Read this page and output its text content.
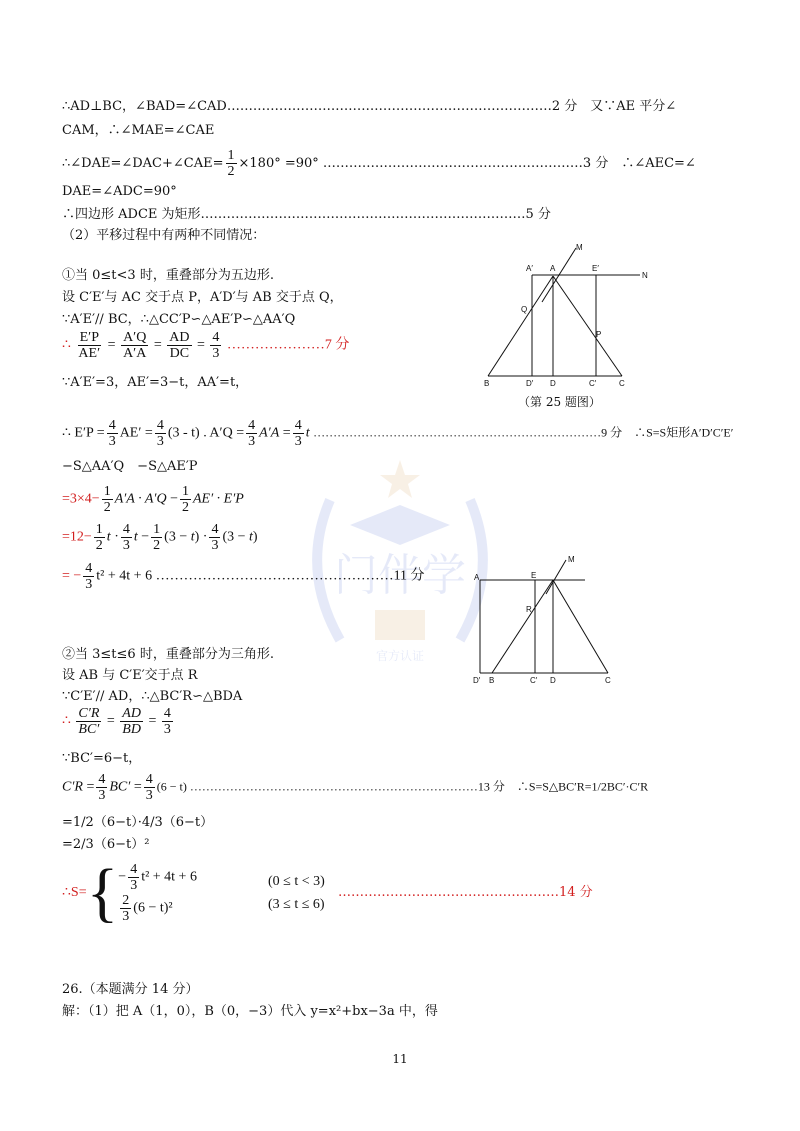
门伴学
官方认证
∴AD⊥BC，∠BAD=∠CAD…………………………………………………………………2 分　又∵AE 平分∠
CAM，∴∠MAE=∠CAE
∴∠DAE=∠DAC+∠CAE= $\frac{1}{2} \times 180^\circ =90^\circ$ ……………………………………………………3 分　∴∠AEC=∠
DAE=∠ADC=90°
∴四边形 ADCE 为矩形…………………………………………………………………5 分
（2）平移过程中有两种不同情况：
①当 0≤t<3 时，重叠部分为五边形.
设 C′E′与 AC 交于点 P，A′D′与 AB 交于点 Q，
∵A′E′// BC，∴△CC′P∽△AE′P∽△AA′Q
∴ $\frac{E'P}{AE'} = \frac{A'Q}{A'A} = \frac{AD}{DC} = \frac{4}{3}$ …………………7 分
∵A′E′=3，AE′=3−t，AA′=t，
∴ $E'P = \frac{4}{3} AE' = \frac{4}{3} (3 - t)$ . $A'Q = \frac{4}{3} A'A = \frac{4}{3}$ t ………………………………………………………………9 分　∴S=S矩形A′D′C′E′
−S△AA′Q　−S△AE′P
$=3\times 4- \frac{1}{2} A'A \cdot A'Q - \frac{1}{2} AE' \cdot E'P$
$=12- \frac{1}{2}$ $t \cdot \frac{4}{3}$ $t - \frac{1}{2} (3 - t) \cdot \frac{4}{3} (3 - t)$
= − $\frac{4}{3} t^2 + 4t + 6$ ……………………………………………11 分
②当 3≤t≤6 时，重叠部分为三角形.
设 AB 与 C′E′交于点 R
∵C′E′// AD，∴△BC′R∽△BDA
∴ $\frac{C'R}{BC'} = \frac{AD}{BD} = \frac{4}{3}$
∵BC′=6−t，
$C'R = \frac{4}{3} BC' = \frac{4}{3} (6 - t)$ ………………………………………………………………13 分　∴S=S△BC′R=1/2BC′·C′R
=1/2（6−t）·4/3（6−t）
=2/3（6−t）²
∴S={ − $\frac{4}{3} t^2 + 4t + 6$
$\frac{2}{3} (6 - t)^2$
(0 ≤ t < 3)
(3 ≤ t ≤ 6)
……………………………………………14 分
26.（本题满分 14 分）
解：（1）把 A（1，0），B（0，−3）代入 y=x²+bx−3a 中，得
M
A′ A	E′
N
Q
P
B	D′ D	C′	C
（第 25 题图）
M
A	E
R
D′ B	C′ D	C
11
